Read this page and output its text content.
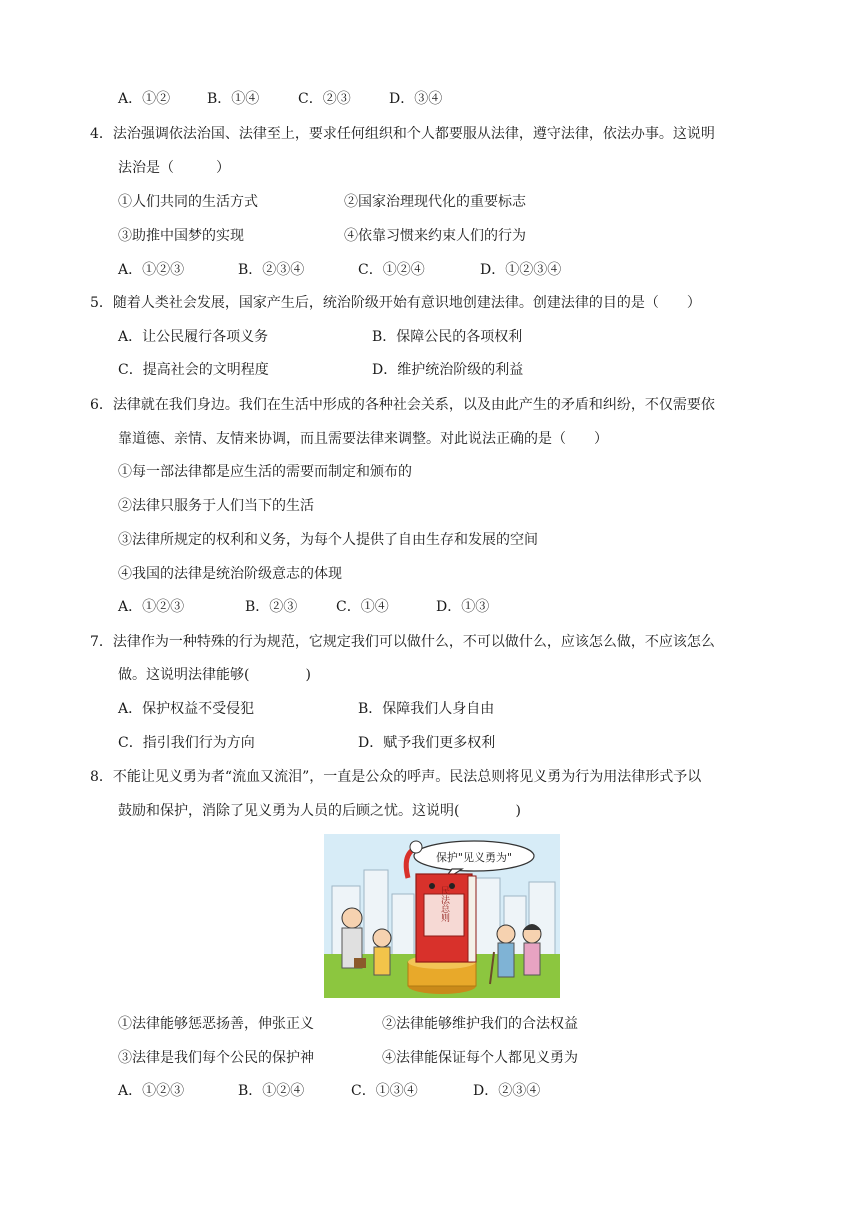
A．①②	B．①④	C．②③	D．③④
4．法治强调依法治国、法律至上，要求任何组织和个人都要服从法律，遵守法律，依法办事。这说明
法治是（　　　）
①人们共同的生活方式	②国家治理现代化的重要标志
③助推中国梦的实现	④依靠习惯来约束人们的行为
A．①②③	B．②③④	C．①②④	D．①②③④
5．随着人类社会发展，国家产生后，统治阶级开始有意识地创建法律。创建法律的目的是（　　）
A．让公民履行各项义务	B．保障公民的各项权利
C．提高社会的文明程度	D．维护统治阶级的利益
6．法律就在我们身边。我们在生活中形成的各种社会关系，以及由此产生的矛盾和纠纷，不仅需要依
靠道德、亲情、友情来协调，而且需要法律来调整。对此说法正确的是（　　）
①每一部法律都是应生活的需要而制定和颁布的
②法律只服务于人们当下的生活
③法律所规定的权利和义务，为每个人提供了自由生存和发展的空间
④我国的法律是统治阶级意志的体现
A．①②③	B．②③	C．①④	D．①③
7．法律作为一种特殊的行为规范，它规定我们可以做什么，不可以做什么，应该怎么做，不应该怎么
做。这说明法律能够(　　　　)
A．保护权益不受侵犯	B．保障我们人身自由
C．指引我们行为方向	D．赋予我们更多权利
8．不能让见义勇为者“流血又流泪”，一直是公众的呼声。民法总则将见义勇为行为用法律形式予以
鼓励和保护，消除了见义勇为人员的后顾之忧。这说明(　　　　)
保护"见义勇为"
民法总则
①法律能够惩恶扬善，伸张正义	②法律能够维护我们的合法权益
③法律是我们每个公民的保护神	④法律能保证每个人都见义勇为
A．①②③	B．①②④	C．①③④	D．②③④
